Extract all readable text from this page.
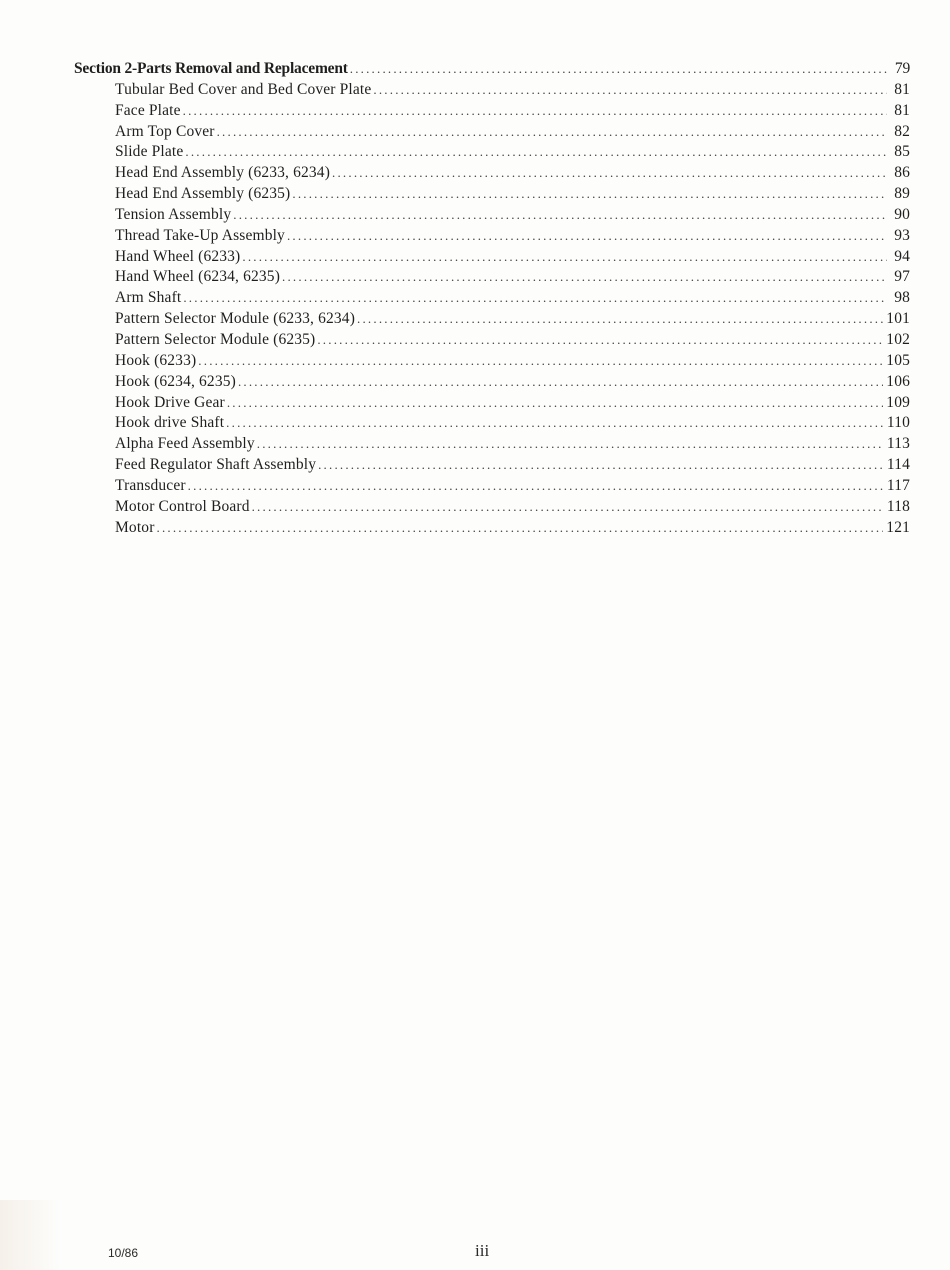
Section 2-Parts Removal and Replacement .....	79
Tubular Bed Cover and Bed Cover Plate .....	81
Face Plate .....	81
Arm Top Cover .....	82
Slide Plate .....	85
Head End Assembly (6233, 6234) .....	86
Head End Assembly (6235) .....	89
Tension Assembly .....	90
Thread Take-Up Assembly .....	93
Hand Wheel (6233) .....	94
Hand Wheel (6234, 6235) .....	97
Arm Shaft .....	98
Pattern Selector Module (6233, 6234) .....	101
Pattern Selector Module (6235) .....	102
Hook (6233) .....	105
Hook (6234, 6235) .....	106
Hook Drive Gear .....	109
Hook drive Shaft .....	110
Alpha Feed Assembly .....	113
Feed Regulator Shaft Assembly .....	114
Transducer .....	117
Motor Control Board .....	118
Motor .....	121
10/86	iii
